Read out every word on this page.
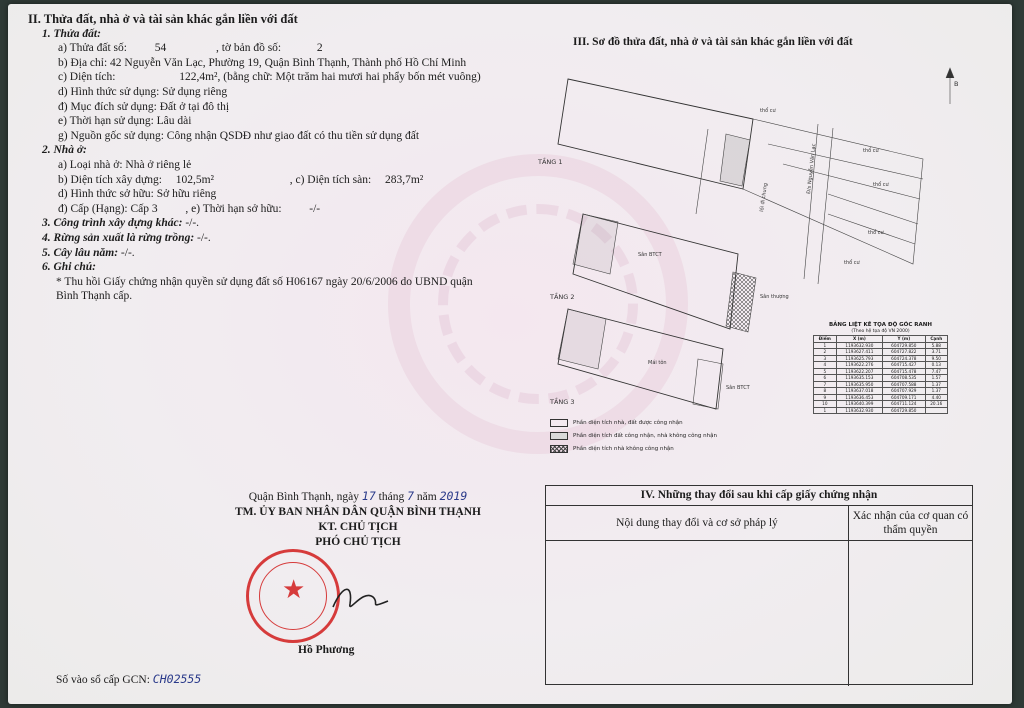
II. Thửa đất, nhà ở và tài sản khác gắn liền với đất
1. Thửa đất:
a) Thửa đất số: 54	, tờ bản đồ số:	2
b) Địa chỉ: 42 Nguyễn Văn Lạc, Phường 19, Quận Bình Thạnh, Thành phố Hồ Chí Minh
c) Diện tích:	122,4m², (bằng chữ: Một trăm hai mươi hai phẩy bốn mét vuông)
d) Hình thức sử dụng: Sử dụng riêng
đ) Mục đích sử dụng: Đất ở tại đô thị
e) Thời hạn sử dụng: Lâu dài
g) Nguồn gốc sử dụng: Công nhận QSDĐ như giao đất có thu tiền sử dụng đất
2. Nhà ở:
a) Loại nhà ở: Nhà ở riêng lẻ
b) Diện tích xây dựng: 102,5m²	, c) Diện tích sàn: 283,7m²
d) Hình thức sở hữu: Sở hữu riêng
đ) Cấp (Hạng): Cấp 3 , e) Thời hạn sở hữu: -/-
3. Công trình xây dựng khác: -/-.
4. Rừng sản xuất là rừng trồng: -/-.
5. Cây lâu năm: -/-.
6. Ghi chú:
* Thu hồi Giấy chứng nhận quyền sử dụng đất số H06167 ngày 20/6/2006 do UBND quận Bình Thạnh cấp.
Quận Bình Thạnh, ngày 17 tháng 7 năm 2019
TM. ỦY BAN NHÂN DÂN QUẬN BÌNH THẠNH
KT. CHỦ TỊCH
PHÓ CHỦ TỊCH
★
Hồ Phương
Số vào sổ cấp GCN: CH02555
III. Sơ đồ thửa đất, nhà ở và tài sản khác gắn liền với đất
B
TẦNG 1
TẦNG 2
TẦNG 3
thổ cư
thổ cư
thổ cư
thổ cư
thổ cư
lối đi chung
Đ/s Nguyễn Văn Lạc
Sân BTCT
Mái tôn
Sân thượng
Sân BTCT
BẢNG LIỆT KÊ TỌA ĐỘ GÓC RANH
(Theo hệ tọa độ VN 2000)
Điểm	X (m)	Y (m)	Cạnh
1	1193632.930	604729.850	5.88
2	1193627.411	604727.822	3.71
3	1193625.793	604724.378	9.50
4	1193622.276	604715.427	0.13
5	1193622.207	604715.478	7.47
6	1193635.153	604708.535	1.57
7	1193635.950	604707.588	1.37
8	1193637.018	604707.929	1.37
9	1193636.453	604709.171	4.40
10	1193640.399	604711.124	20.16
1	1193632.930	604729.850	
Phần diện tích nhà, đất được công nhận
Phần diện tích đất công nhận, nhà không công nhận
Phần diện tích nhà không công nhận
IV. Những thay đổi sau khi cấp giấy chứng nhận
Nội dung thay đổi và cơ sở pháp lý
Xác nhận của cơ quan có thẩm quyền
